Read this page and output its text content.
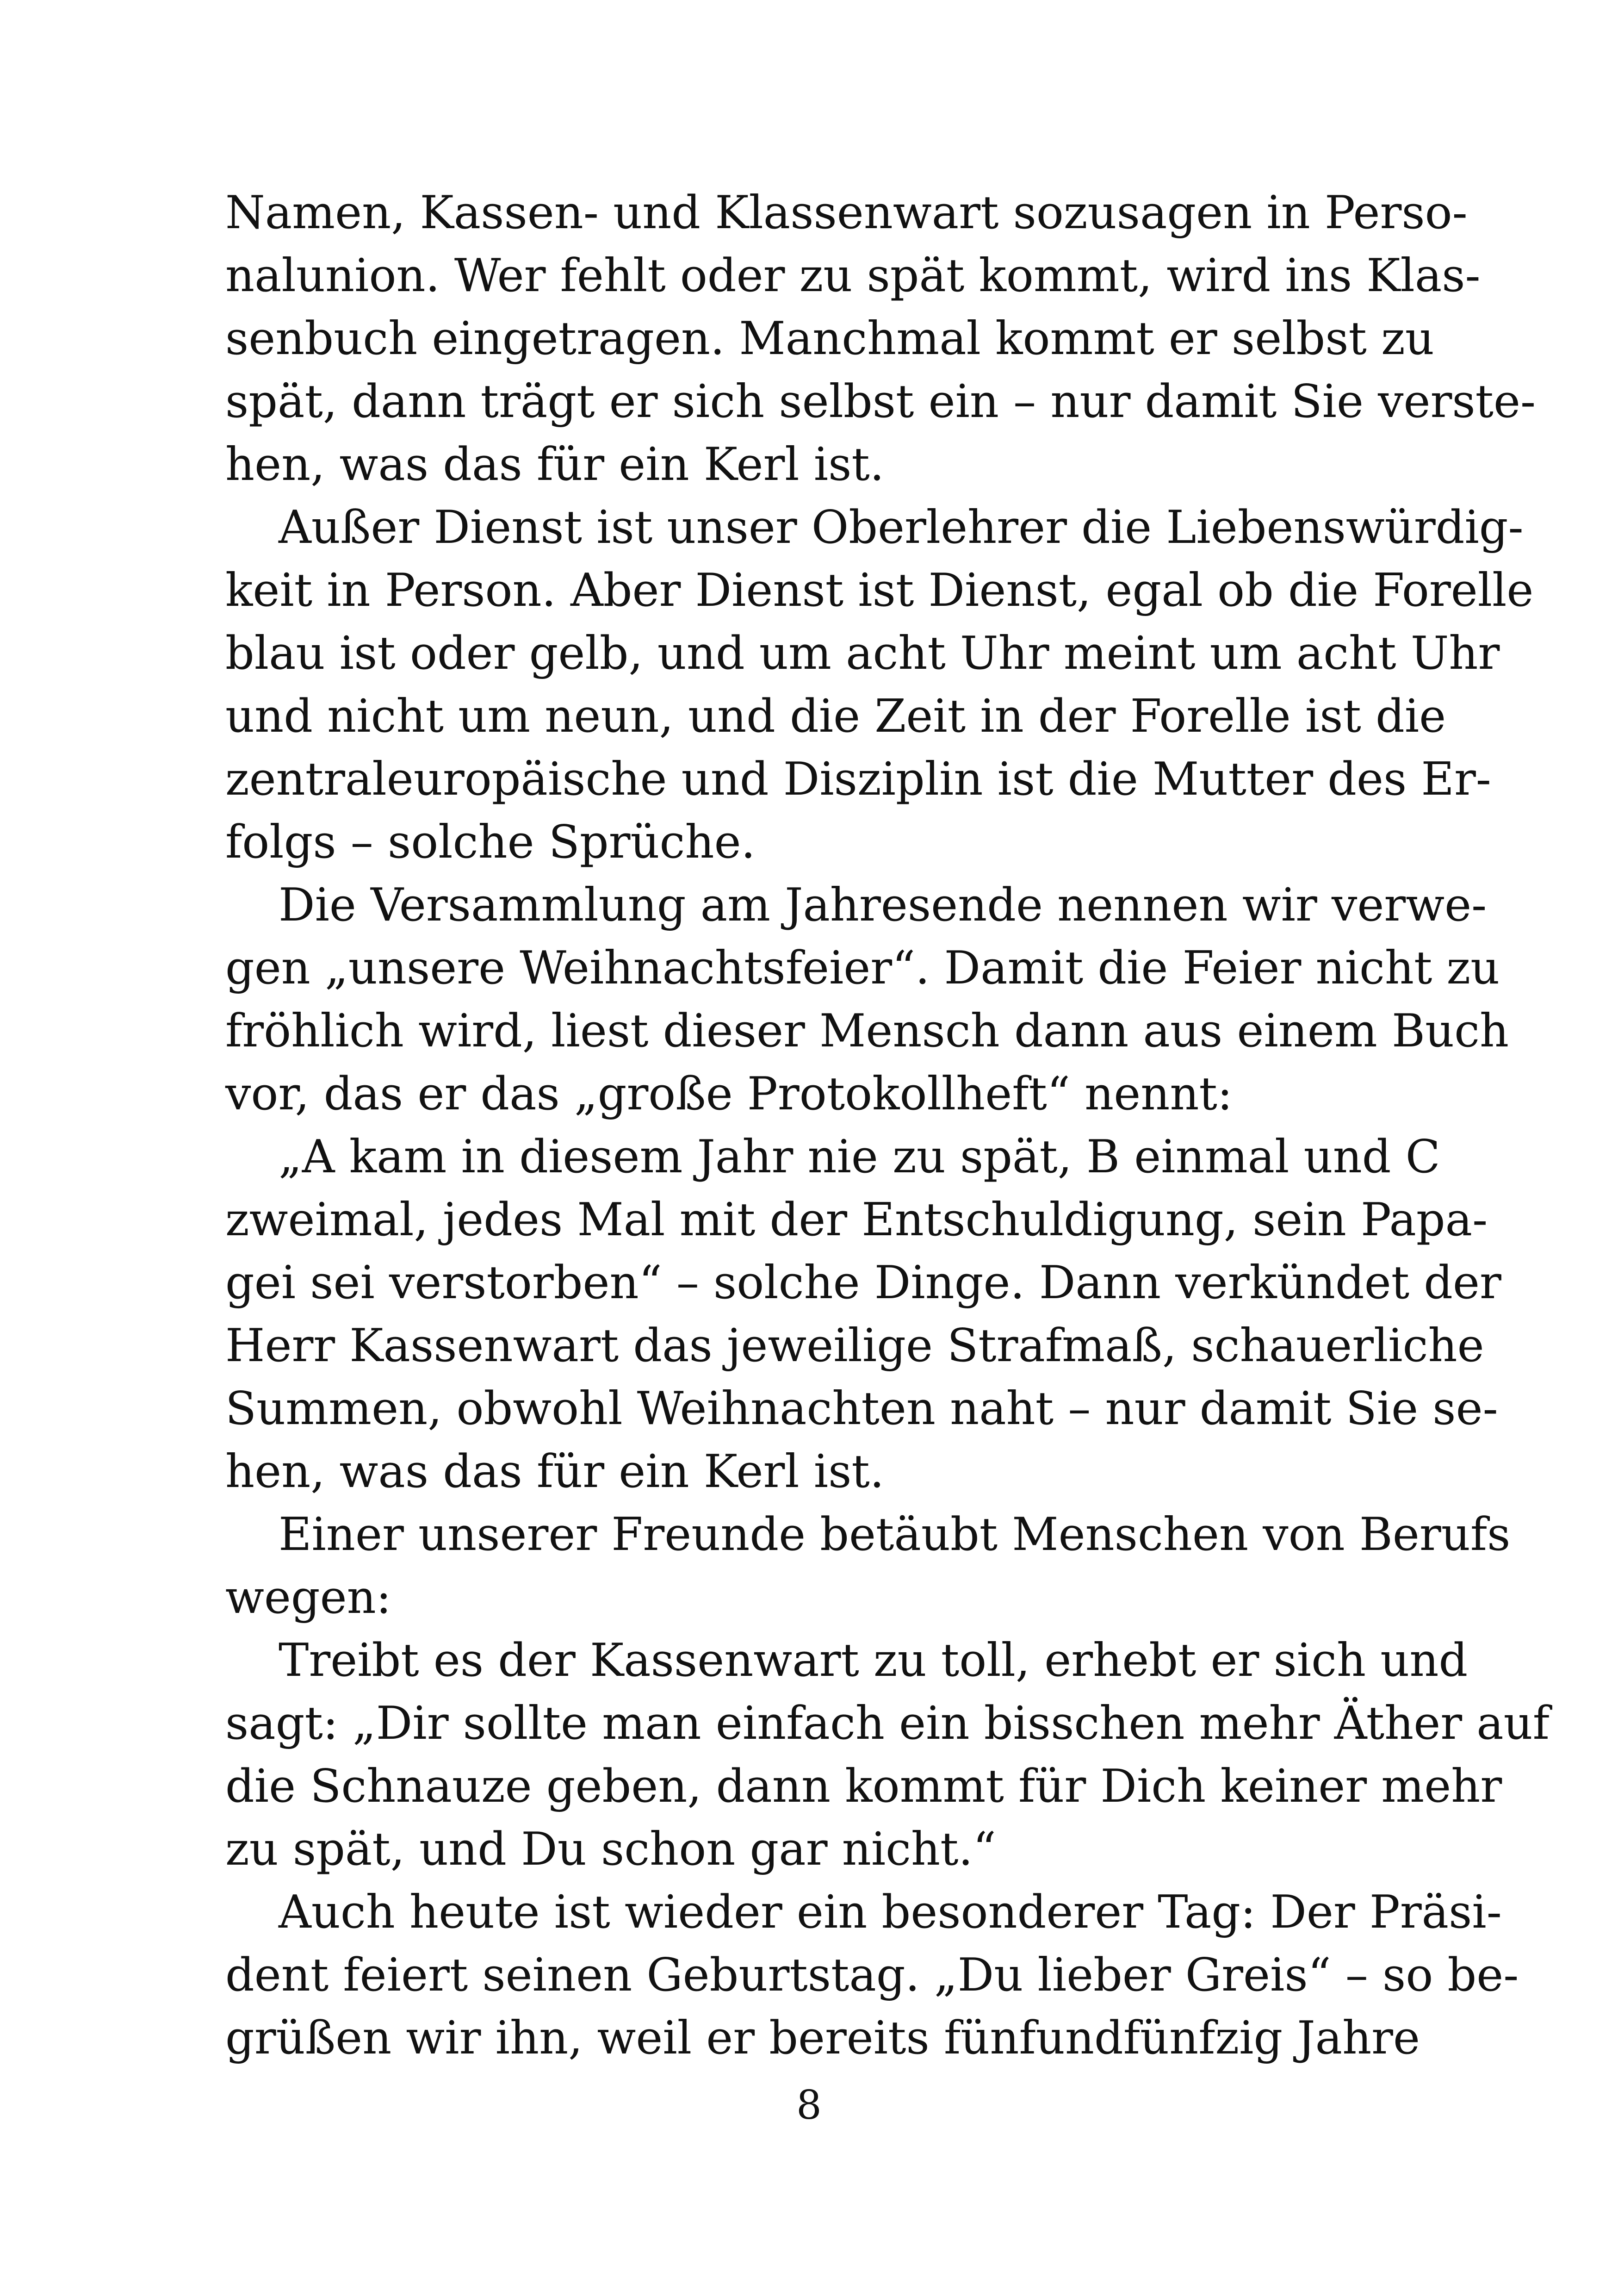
Namen, Kassen- und Klassenwart sozusagen in Perso-
nalunion. Wer fehlt oder zu spät kommt, wird ins Klas-
senbuch eingetragen. Manchmal kommt er selbst zu
spät, dann trägt er sich selbst ein – nur damit Sie verste-
hen, was das für ein Kerl ist.
Außer Dienst ist unser Oberlehrer die Liebenswürdig-
keit in Person. Aber Dienst ist Dienst, egal ob die Forelle
blau ist oder gelb, und um acht Uhr meint um acht Uhr
und nicht um neun, und die Zeit in der Forelle ist die
zentraleuropäische und Disziplin ist die Mutter des Er-
folgs – solche Sprüche.
Die Versammlung am Jahresende nennen wir verwe-
gen „unsere Weihnachtsfeier“. Damit die Feier nicht zu
fröhlich wird, liest dieser Mensch dann aus einem Buch
vor, das er das „große Protokollheft“ nennt:
„A kam in diesem Jahr nie zu spät, B einmal und C
zweimal, jedes Mal mit der Entschuldigung, sein Papa-
gei sei verstorben“ – solche Dinge. Dann verkündet der
Herr Kassenwart das jeweilige Strafmaß, schauerliche
Summen, obwohl Weihnachten naht – nur damit Sie se-
hen, was das für ein Kerl ist.
Einer unserer Freunde betäubt Menschen von Berufs
wegen:
Treibt es der Kassenwart zu toll, erhebt er sich und
sagt: „Dir sollte man einfach ein bisschen mehr Äther auf
die Schnauze geben, dann kommt für Dich keiner mehr
zu spät, und Du schon gar nicht.“
Auch heute ist wieder ein besonderer Tag: Der Präsi-
dent feiert seinen Geburtstag. „Du lieber Greis“ – so be-
grüßen wir ihn, weil er bereits fünfundfünfzig Jahre
8
